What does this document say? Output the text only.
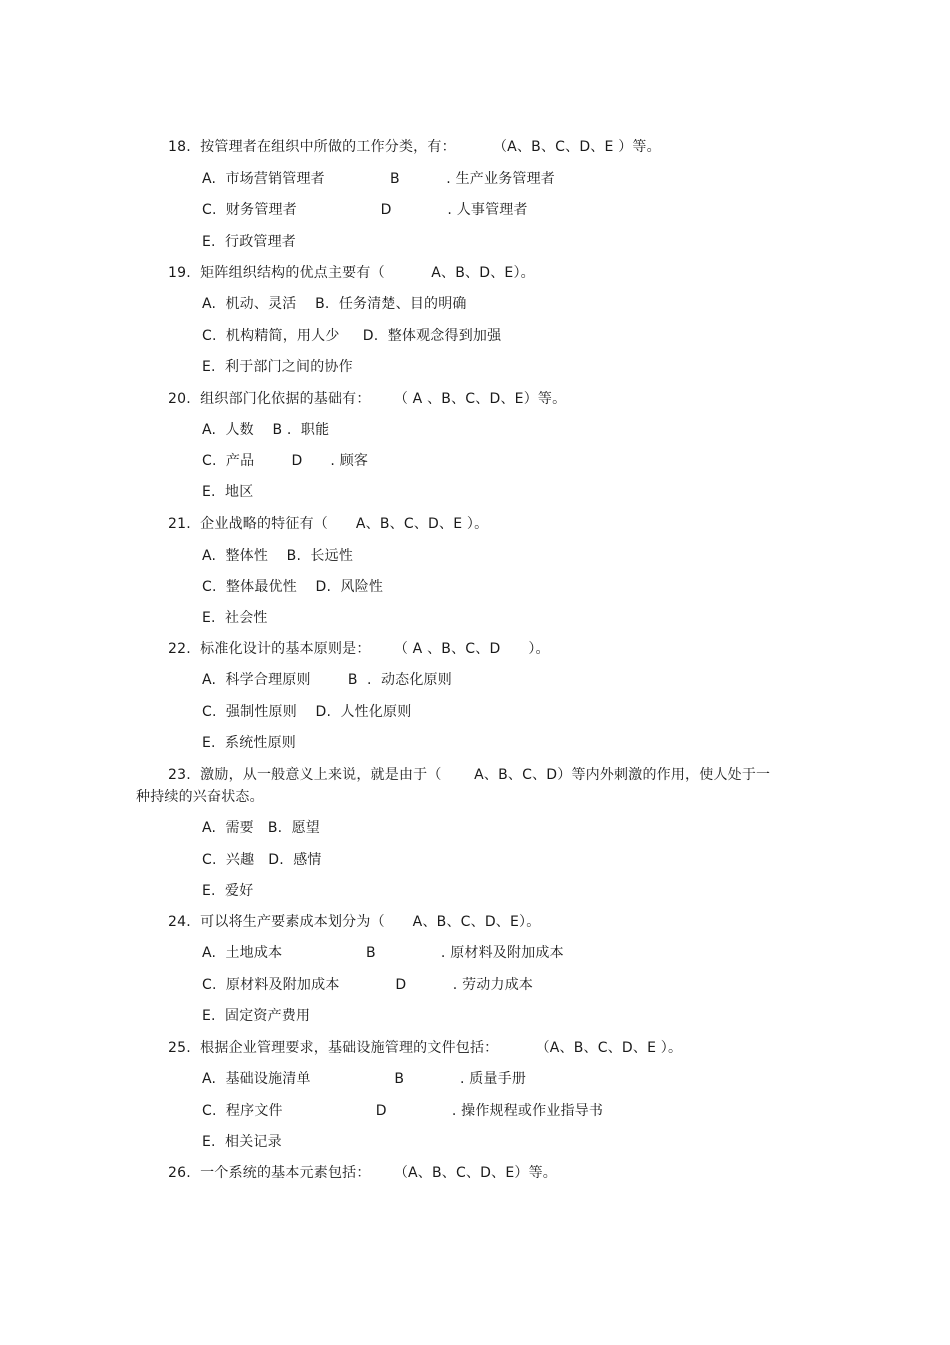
18.  按管理者在组织中所做的工作分类，有：        （A、B、C、D、E ）等。
A.  市场营销管理者              B          . 生产业务管理者
C.  财务管理者                  D            . 人事管理者
E.  行政管理者
19.  矩阵组织结构的优点主要有（          A、B、D、E）。
A.  机动、灵活    B.  任务清楚、目的明确
C.  机构精简，用人少     D.  整体观念得到加强
E.  利于部门之间的协作
20.  组织部门化依据的基础有：     （ A 、B、C、D、E）等。
A.  人数    B .  职能
C.  产品        D      . 顾客
E.  地区
21.  企业战略的特征有（      A、B、C、D、E ）。
A.  整体性    B.  长远性
C.  整体最优性    D.  风险性
E.  社会性
22.  标准化设计的基本原则是：     （ A 、B、C、D      ）。
A.  科学合理原则        B  .  动态化原则
C.  强制性原则    D.  人性化原则
E.  系统性原则
23.  激励，从一般意义上来说，就是由于（       A、B、C、D）等内外刺激的作用，使人处于一
种持续的兴奋状态。
A.  需要   B.  愿望
C.  兴趣   D.  感情
E.  爱好
24.  可以将生产要素成本划分为（      A、B、C、D、E）。
A.  土地成本                  B              . 原材料及附加成本
C.  原材料及附加成本            D          . 劳动力成本
E.  固定资产费用
25.  根据企业管理要求，基础设施管理的文件包括：        （A、B、C、D、E ）。
A.  基础设施清单                  B            . 质量手册
C.  程序文件                    D              . 操作规程或作业指导书
E.  相关记录
26.  一个系统的基本元素包括：     （A、B、C、D、E）等。
